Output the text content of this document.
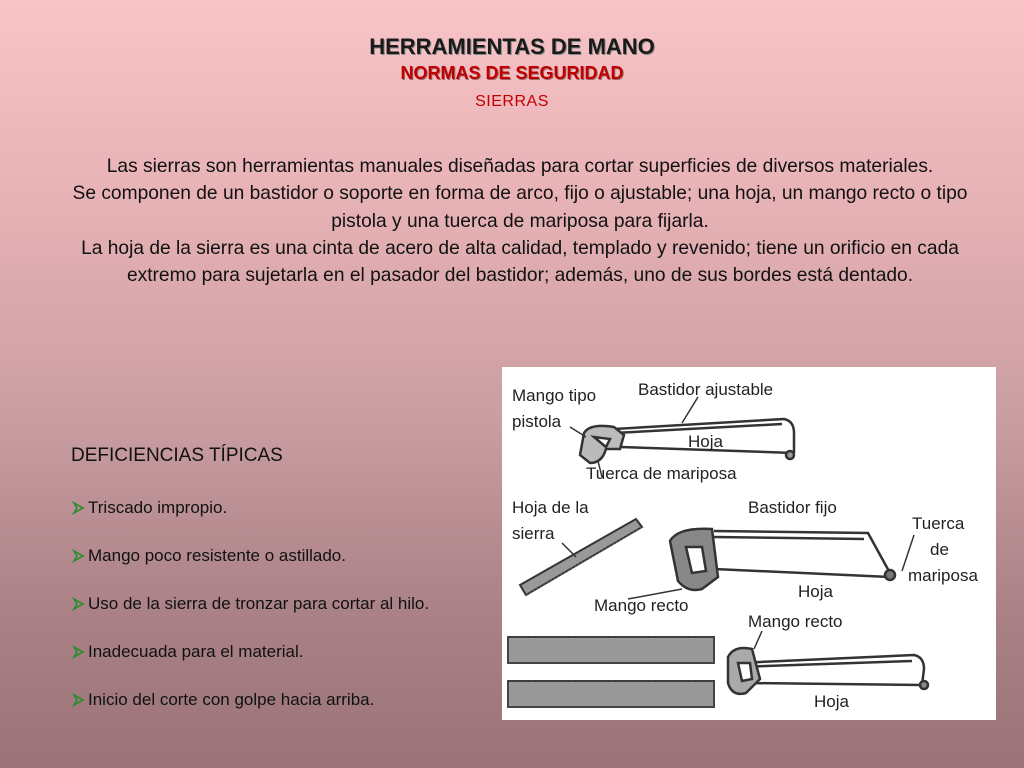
HERRAMIENTAS DE MANO
NORMAS DE SEGURIDAD
SIERRAS

Las sierras son herramientas manuales diseñadas para cortar superficies de diversos materiales.

Se componen de un bastidor o soporte en forma de arco, fijo o ajustable; una hoja, un mango recto o tipo pistola y una tuerca de mariposa para fijarla.

La hoja de la sierra es una cinta de acero de alta calidad, templado y revenido; tiene un orificio en cada extremo para sujetarla en el pasador del bastidor; además, uno de sus bordes está dentado.

DEFICIENCIAS TÍPICAS
Triscado impropio.
Mango poco resistente o astillado.
Uso de la sierra de tronzar para cortar al hilo.
Inadecuada para el material.
Inicio del corte con golpe hacia arriba.
Mango tipo
pistola
Bastidor ajustable
Hoja
Tuerca de mariposa
Hoja de la
sierra
Bastidor fijo
Tuerca
de
mariposa
Hoja
Mango recto
Mango recto
Hoja
